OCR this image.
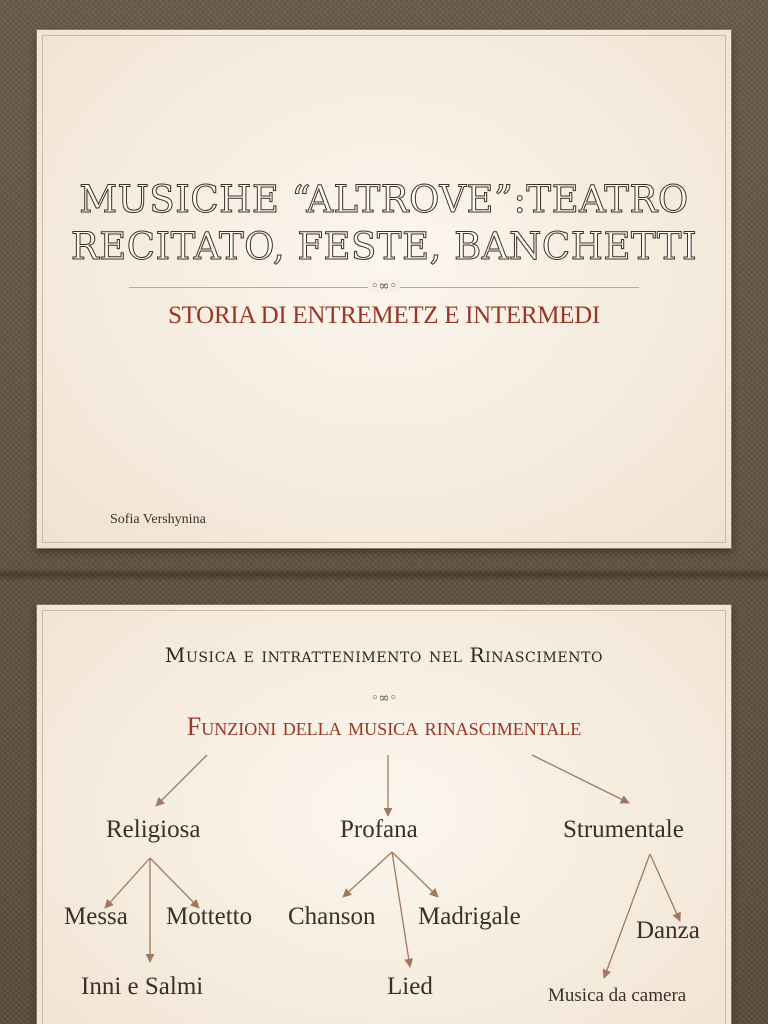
MUSICHE “ALTROVE”:TEATRO
RECITATO, FESTE, BANCHETTI
◦∞◦
STORIA DI ENTREMETZ E INTERMEDI
Sofia Vershynina
Musica e intrattenimento nel Rinascimento
◦∞◦
Funzioni della musica rinascimentale
Religiosa	Profana	Strumentale
Messa Mottetto
Inni e Salmi
Chanson Madrigale
Lied
Danza
Musica da camera
